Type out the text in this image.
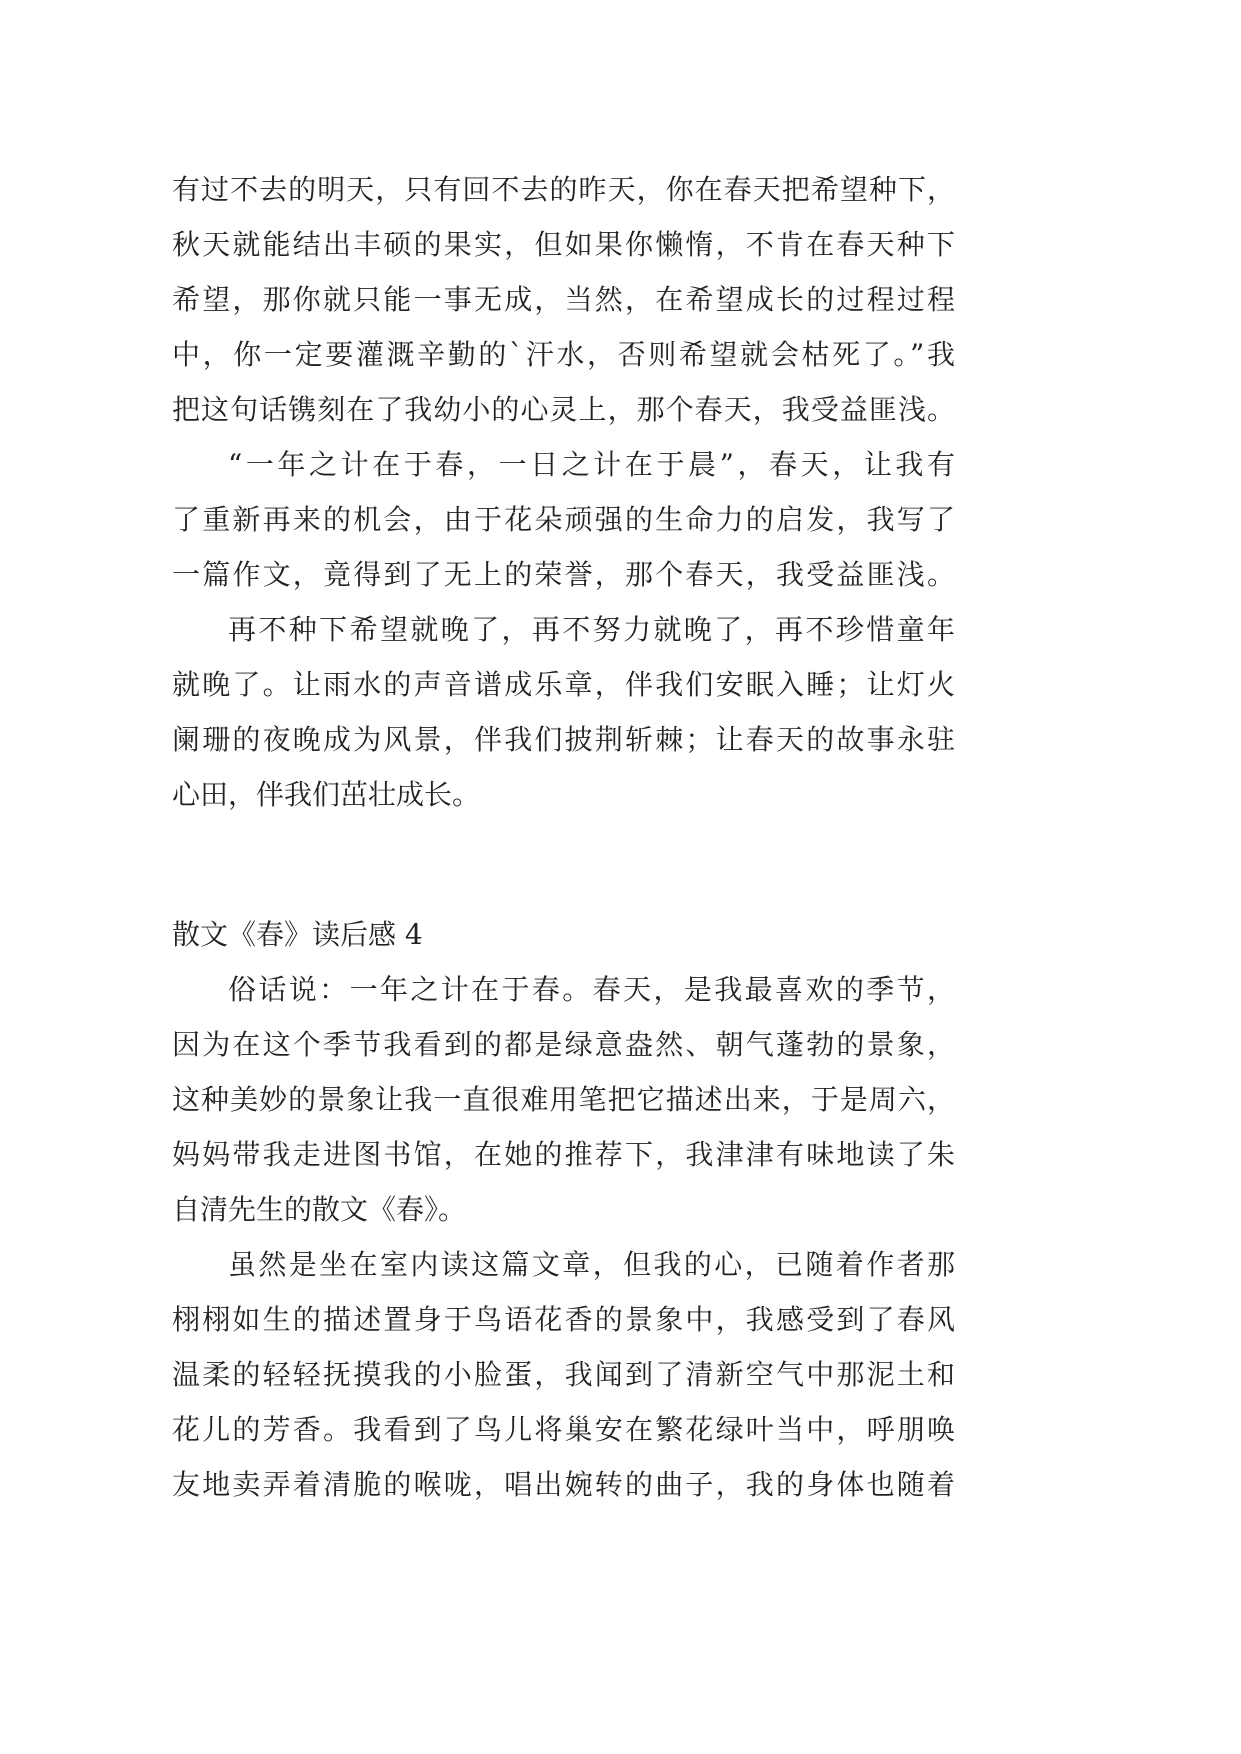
有过不去的明天，只有回不去的昨天，你在春天把希望种下，
秋天就能结出丰硕的果实，但如果你懒惰，不肯在春天种下
希望，那你就只能一事无成，当然，在希望成长的过程过程
中，你一定要灌溉辛勤的`汗水，否则希望就会枯死了。”我
把这句话镌刻在了我幼小的心灵上，那个春天，我受益匪浅。
“一年之计在于春，一日之计在于晨”，春天，让我有
了重新再来的机会，由于花朵顽强的生命力的启发，我写了
一篇作文，竟得到了无上的荣誉，那个春天，我受益匪浅。
再不种下希望就晚了，再不努力就晚了，再不珍惜童年
就晚了。让雨水的声音谱成乐章，伴我们安眠入睡；让灯火
阑珊的夜晚成为风景，伴我们披荆斩棘；让春天的故事永驻
心田，伴我们茁壮成长。
散文《春》读后感 4
俗话说：一年之计在于春。春天，是我最喜欢的季节，
因为在这个季节我看到的都是绿意盎然、朝气蓬勃的景象，
这种美妙的景象让我一直很难用笔把它描述出来，于是周六，
妈妈带我走进图书馆，在她的推荐下，我津津有味地读了朱
自清先生的散文《春》。
虽然是坐在室内读这篇文章，但我的心，已随着作者那
栩栩如生的描述置身于鸟语花香的景象中，我感受到了春风
温柔的轻轻抚摸我的小脸蛋，我闻到了清新空气中那泥土和
花儿的芳香。我看到了鸟儿将巢安在繁花绿叶当中，呼朋唤
友地卖弄着清脆的喉咙，唱出婉转的曲子，我的身体也随着
